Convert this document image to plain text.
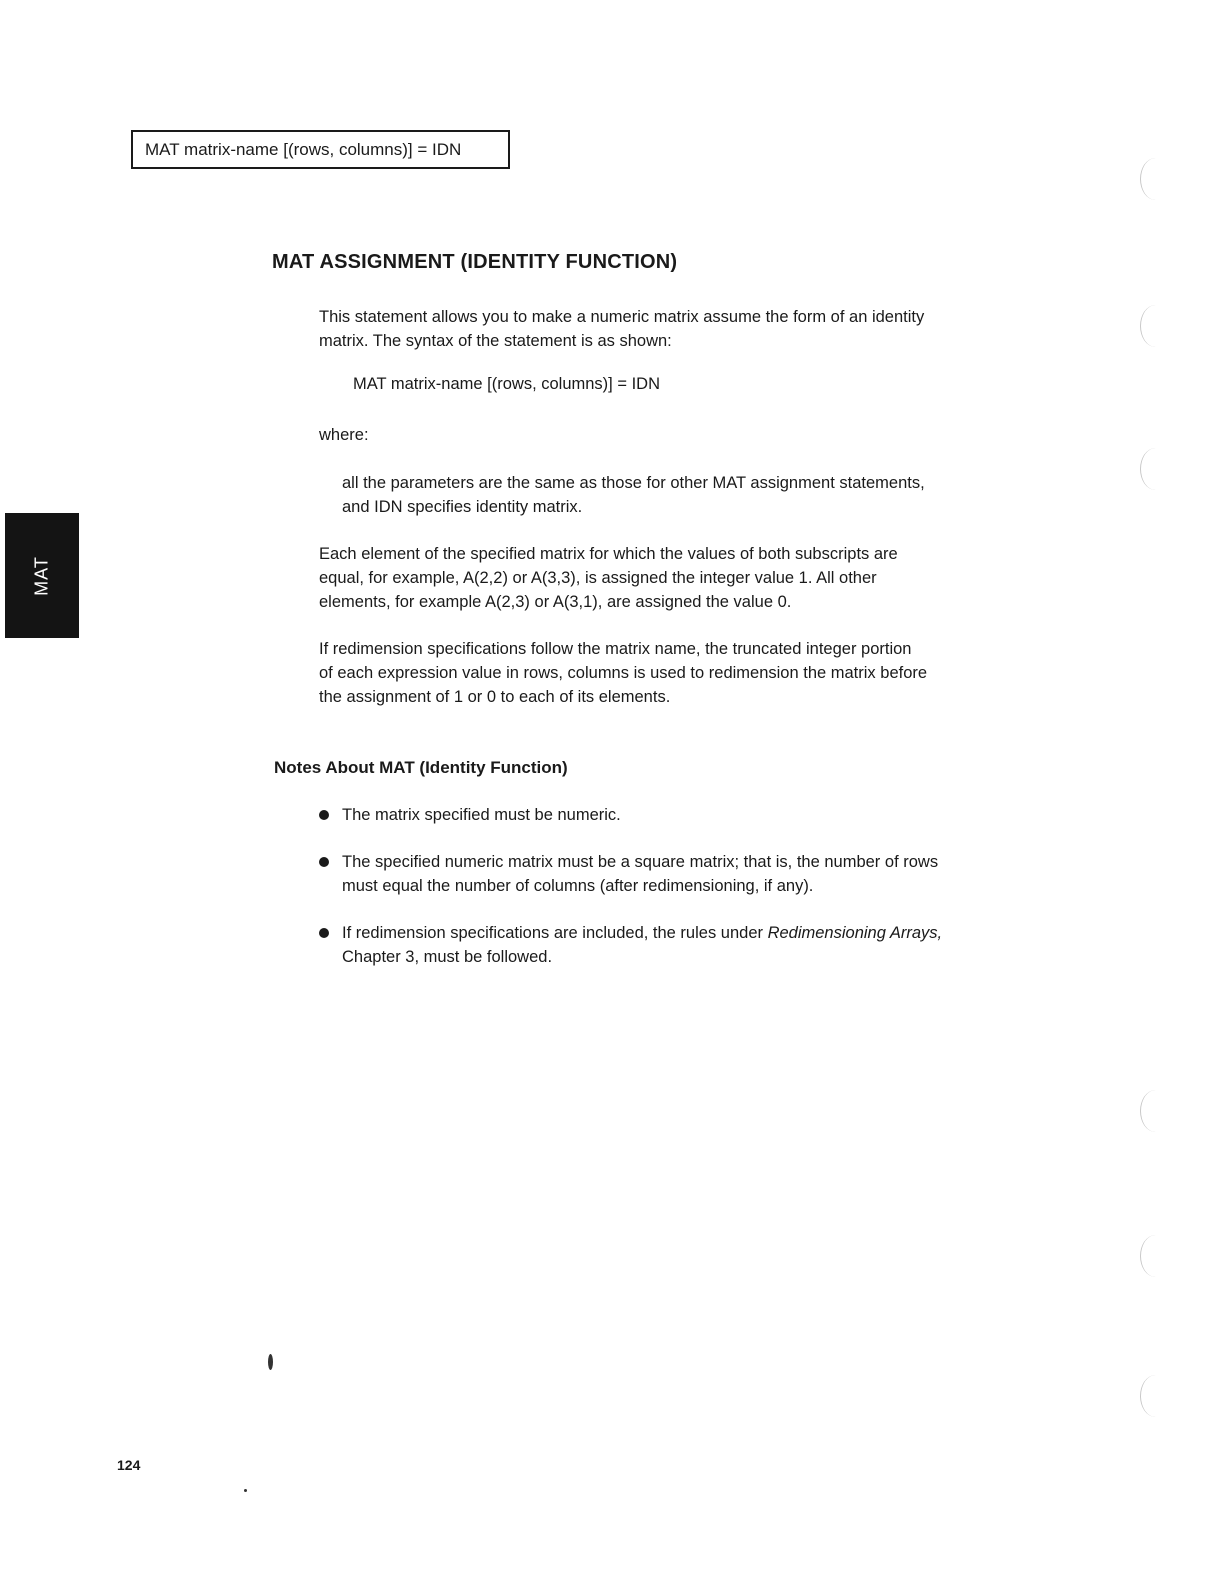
MAT matrix-name [(rows, columns)] = IDN
MAT ASSIGNMENT (IDENTITY FUNCTION)

This statement allows you to make a numeric matrix assume the form of an identity
matrix. The syntax of the statement is as shown:

MAT matrix-name [(rows, columns)] = IDN

where:

all the parameters are the same as those for other MAT assignment statements,
and IDN specifies identity matrix.

Each element of the specified matrix for which the values of both subscripts are
equal, for example, A(2,2) or A(3,3), is assigned the integer value 1. All other
elements, for example A(2,3) or A(3,1), are assigned the value 0.

If redimension specifications follow the matrix name, the truncated integer portion
of each expression value in rows, columns is used to redimension the matrix before
the assignment of 1 or 0 to each of its elements.

Notes About MAT (Identity Function)
The matrix specified must be numeric.
The specified numeric matrix must be a square matrix; that is, the number of rows
must equal the number of columns (after redimensioning, if any).
If redimension specifications are included, the rules under Redimensioning Arrays,
Chapter 3, must be followed.
MAT
124
